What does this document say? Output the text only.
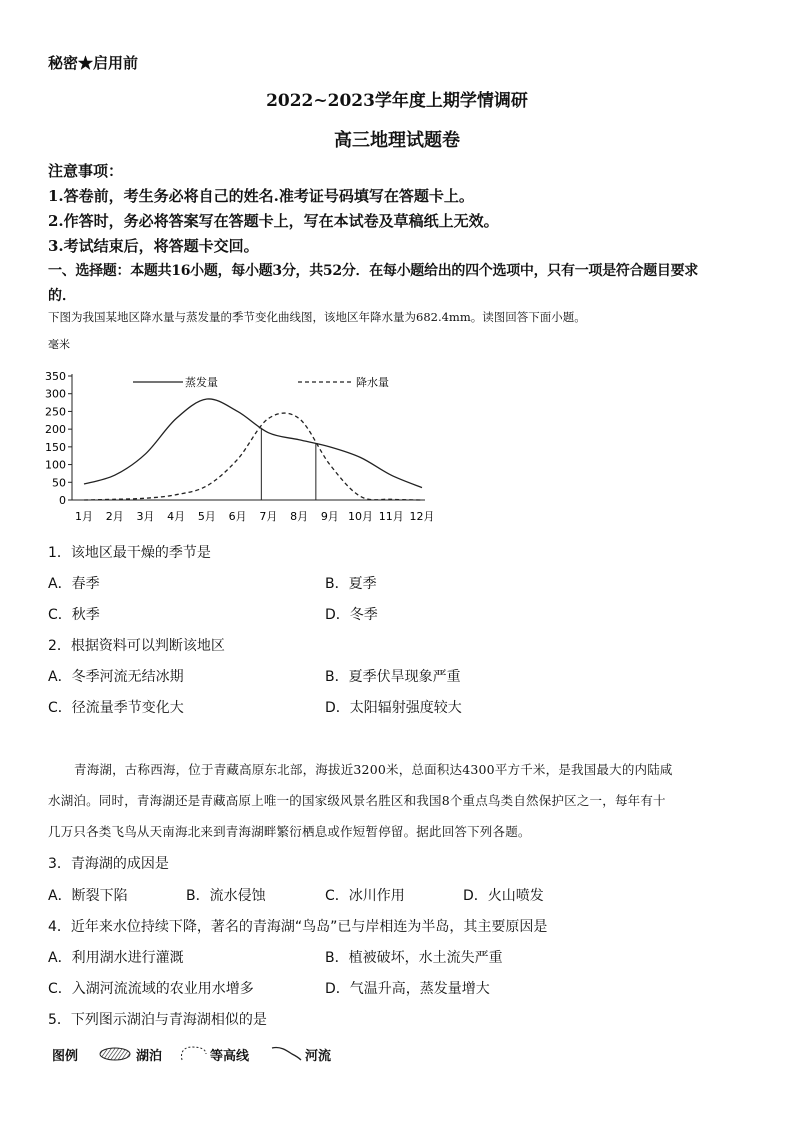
秘密★启用前
2022~2023学年度上期学情调研
高三地理试题卷
注意事项：
1.答卷前，考生务必将自己的姓名.准考证号码填写在答题卡上。
2.作答时，务必将答案写在答题卡上，写在本试卷及草稿纸上无效。
3.考试结束后，将答题卡交回。
一、选择题：本题共16小题，每小题3分，共52分．在每小题给出的四个选项中，只有一项是符合题目要求
的．
下图为我国某地区降水量与蒸发量的季节变化曲线图，该地区年降水量为682.4mm。读图回答下面小题。
毫米
350
300
250
200
150
100
50
0
1月 2月 3月 4月 5月 6月 7月 8月 9月 10月 11月 12月
蒸发量	降水量
1．该地区最干燥的季节是
A．春季	B．夏季
C．秋季	D．冬季
2．根据资料可以判断该地区
A．冬季河流无结冰期	B．夏季伏旱现象严重
C．径流量季节变化大	D．太阳辐射强度较大
青海湖，古称西海，位于青藏高原东北部，海拔近3200米，总面积达4300平方千米，是我国最大的内陆咸
水湖泊。同时，青海湖还是青藏高原上唯一的国家级风景名胜区和我国8个重点鸟类自然保护区之一，每年有十
几万只各类飞鸟从天南海北来到青海湖畔繁衍栖息或作短暂停留。据此回答下列各题。
3．青海湖的成因是
A．断裂下陷	B．流水侵蚀	C．冰川作用	D．火山喷发
4．近年来水位持续下降，著名的青海湖“鸟岛”已与岸相连为半岛，其主要原因是
A．利用湖水进行灌溉	B．植被破坏，水土流失严重
C．入湖河流流域的农业用水增多	D．气温升高，蒸发量增大
5．下列图示湖泊与青海湖相似的是
图例	湖泊	等高线	河流
